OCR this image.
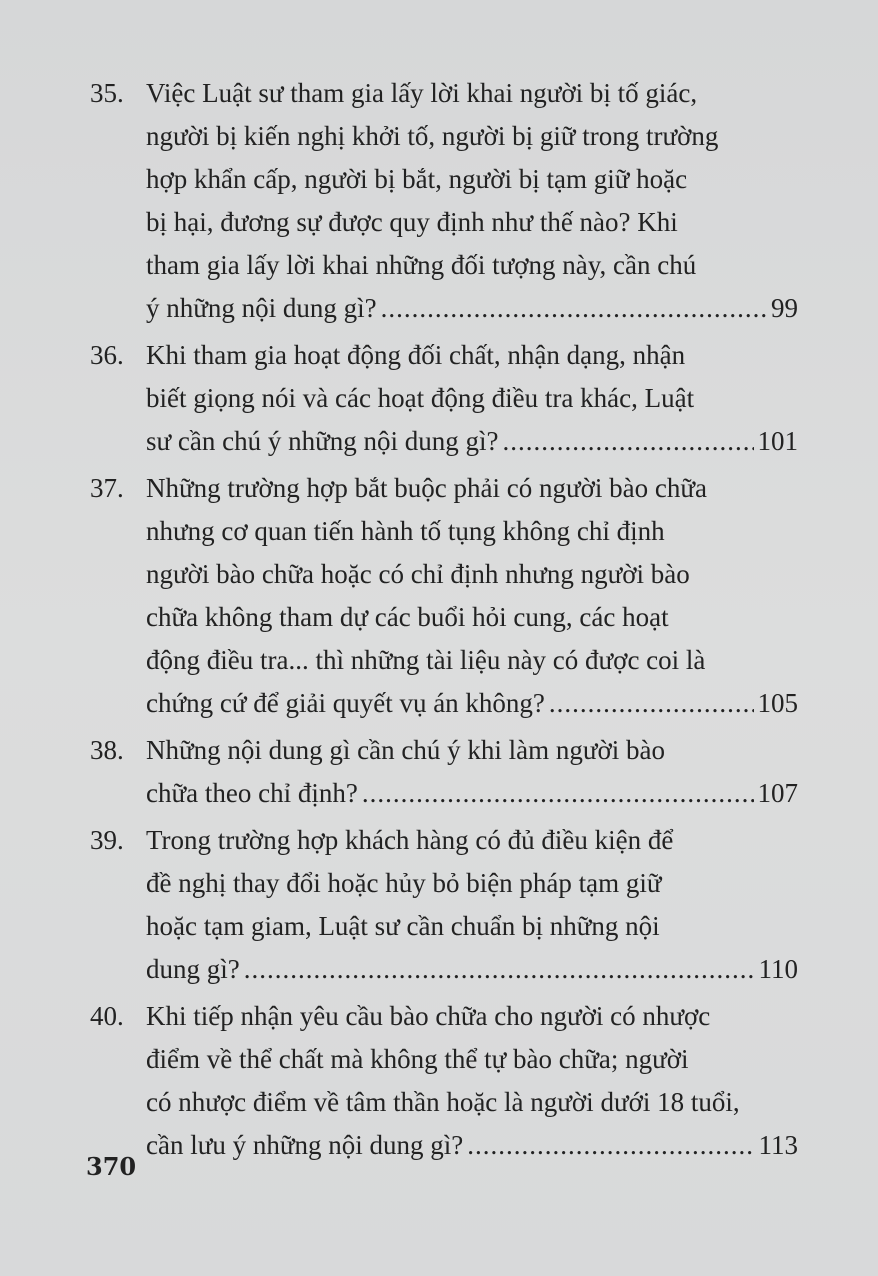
35. Việc Luật sư tham gia lấy lời khai người bị tố giác,
người bị kiến nghị khởi tố, người bị giữ trong trường
hợp khẩn cấp, người bị bắt, người bị tạm giữ hoặc
bị hại, đương sự được quy định như thế nào? Khi
tham gia lấy lời khai những đối tượng này, cần chú
ý những nội dung gì? .....	99
36. Khi tham gia hoạt động đối chất, nhận dạng, nhận
biết giọng nói và các hoạt động điều tra khác, Luật
sư cần chú ý những nội dung gì? .....	101
37. Những trường hợp bắt buộc phải có người bào chữa
nhưng cơ quan tiến hành tố tụng không chỉ định
người bào chữa hoặc có chỉ định nhưng người bào
chữa không tham dự các buổi hỏi cung, các hoạt
động điều tra... thì những tài liệu này có được coi là
chứng cứ để giải quyết vụ án không? .....	105
38. Những nội dung gì cần chú ý khi làm người bào
chữa theo chỉ định? .....	107
39. Trong trường hợp khách hàng có đủ điều kiện để
đề nghị thay đổi hoặc hủy bỏ biện pháp tạm giữ
hoặc tạm giam, Luật sư cần chuẩn bị những nội
dung gì? .....	110
40. Khi tiếp nhận yêu cầu bào chữa cho người có nhược
điểm về thể chất mà không thể tự bào chữa; người
có nhược điểm về tâm thần hoặc là người dưới 18 tuổi,
cần lưu ý những nội dung gì? .....	113
370
